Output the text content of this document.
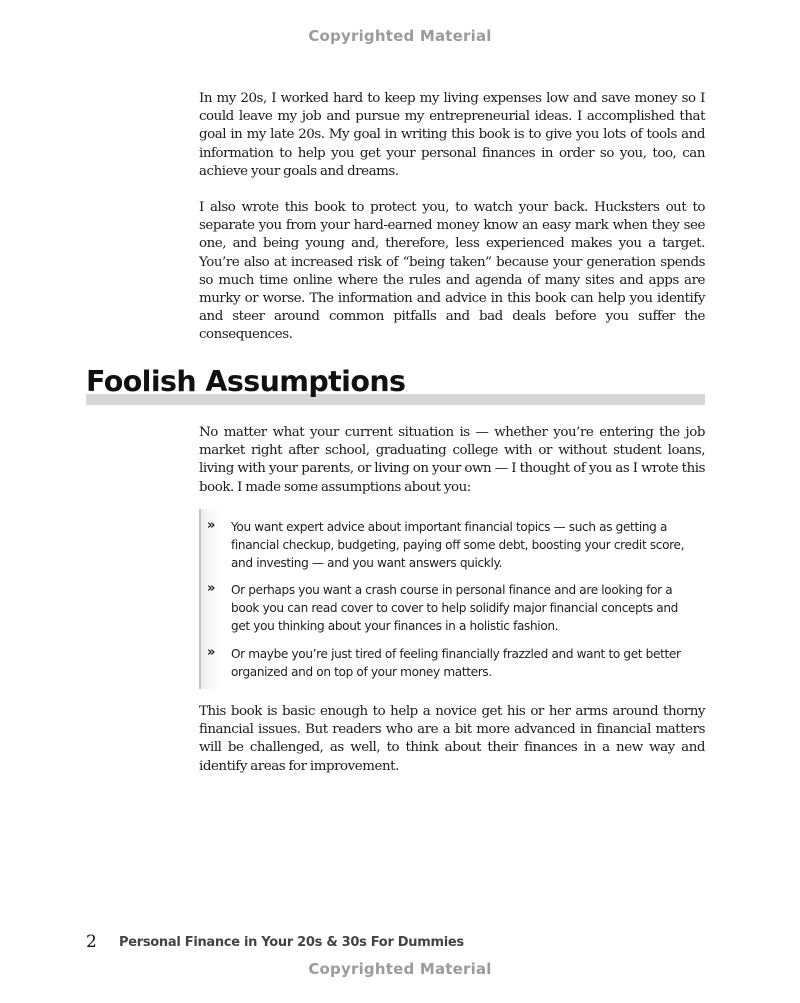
Copyrighted Material

In my 20s, I worked hard to keep my living expenses low and save money so I could leave my job and pursue my entrepreneurial ideas. I accomplished that goal in my late 20s. My goal in writing this book is to give you lots of tools and information to help you get your personal finances in order so you, too, can achieve your goals and dreams.

I also wrote this book to protect you, to watch your back. Hucksters out to separate you from your hard-earned money know an easy mark when they see one, and being young and, therefore, less experienced makes you a target. You’re also at increased risk of “being taken” because your generation spends so much time online where the rules and agenda of many sites and apps are murky or worse. The information and advice in this book can help you identify and steer around common pitfalls and bad deals before you suffer the consequences.

Foolish Assumptions

No matter what your current situation is — whether you’re entering the job market right after school, graduating college with or without student loans, living with your parents, or living on your own — I thought of you as I wrote this book. I made some assumptions about you:

» You want expert advice about important financial topics — such as getting a financial checkup, budgeting, paying off some debt, boosting your credit score, and investing — and you want answers quickly.
» Or perhaps you want a crash course in personal finance and are looking for a book you can read cover to cover to help solidify major financial concepts and get you thinking about your finances in a holistic fashion.
» Or maybe you’re just tired of feeling financially frazzled and want to get better organized and on top of your money matters.

This book is basic enough to help a novice get his or her arms around thorny financial issues. But readers who are a bit more advanced in financial matters will be challenged, as well, to think about their finances in a new way and identify areas for improvement.

2 Personal Finance in Your 20s & 30s For Dummies
Copyrighted Material
